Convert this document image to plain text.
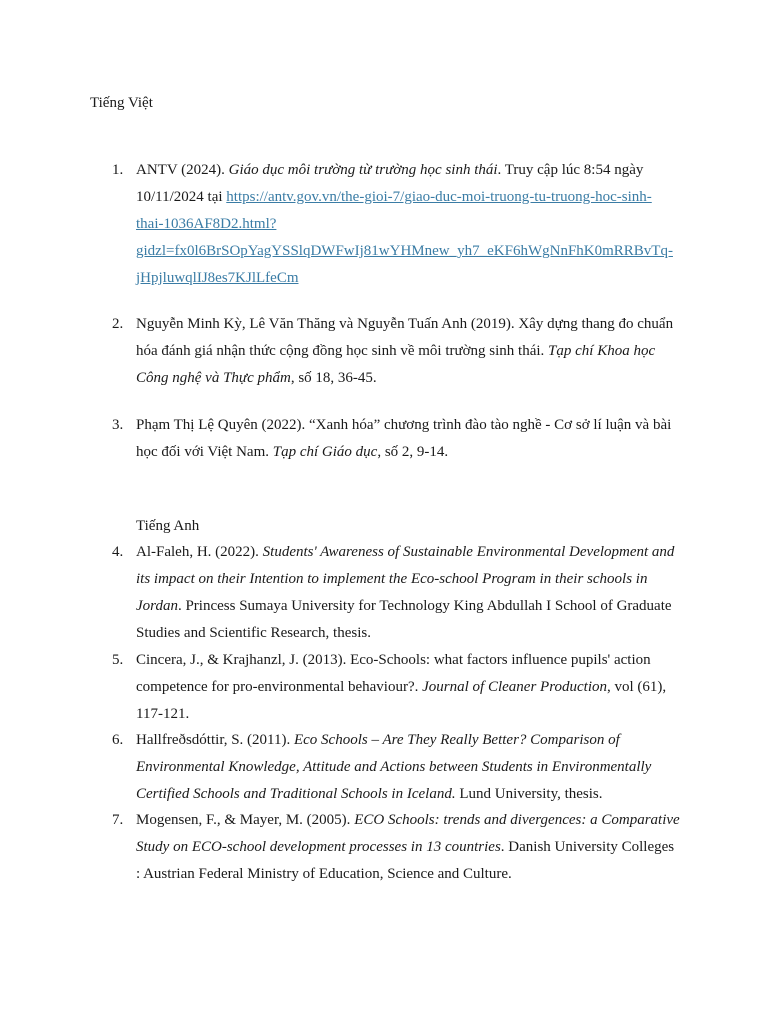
Tiếng Việt
1. ANTV (2024). Giáo dục môi trường từ trường học sinh thái. Truy cập lúc 8:54 ngày 10/11/2024 tại https://antv.gov.vn/the-gioi-7/giao-duc-moi-truong-tu-truong-hoc-sinh-
thai-1036AF8D2.html?
gidzl=fx0l6BrSOpYagYSSlqDWFwIj81wYHMnew_yh7_eKF6hWgNnFhK0mRRBvTq-
jHpjluwqlIJ8es7KJlLfeCm
2. Nguyễn Minh Kỳ, Lê Văn Thăng và Nguyễn Tuấn Anh (2019). Xây dựng thang đo chuẩn hóa đánh giá nhận thức cộng đồng học sinh về môi trường sinh thái. Tạp chí Khoa học Công nghệ và Thực phẩm, số 18, 36-45.
3. Phạm Thị Lệ Quyên (2022). “Xanh hóa” chương trình đào tào nghề - Cơ sở lí luận và bài học đối với Việt Nam. Tạp chí Giáo dục, số 2, 9-14.
Tiếng Anh
4. Al-Faleh, H. (2022). Students' Awareness of Sustainable Environmental Development and its impact on their Intention to implement the Eco-school Program in their schools in Jordan. Princess Sumaya University for Technology King Abdullah I School of Graduate Studies and Scientific Research, thesis.
5. Cincera, J., & Krajhanzl, J. (2013). Eco-Schools: what factors influence pupils' action competence for pro-environmental behaviour?. Journal of Cleaner Production, vol (61), 117-121.
6. Hallfreðsdóttir, S. (2011). Eco Schools – Are They Really Better? Comparison of Environmental Knowledge, Attitude and Actions between Students in Environmentally Certified Schools and Traditional Schools in Iceland. Lund University, thesis.
7. Mogensen, F., & Mayer, M. (2005). ECO Schools: trends and divergences: a Comparative Study on ECO-school development processes in 13 countries. Danish University Colleges : Austrian Federal Ministry of Education, Science and Culture.
